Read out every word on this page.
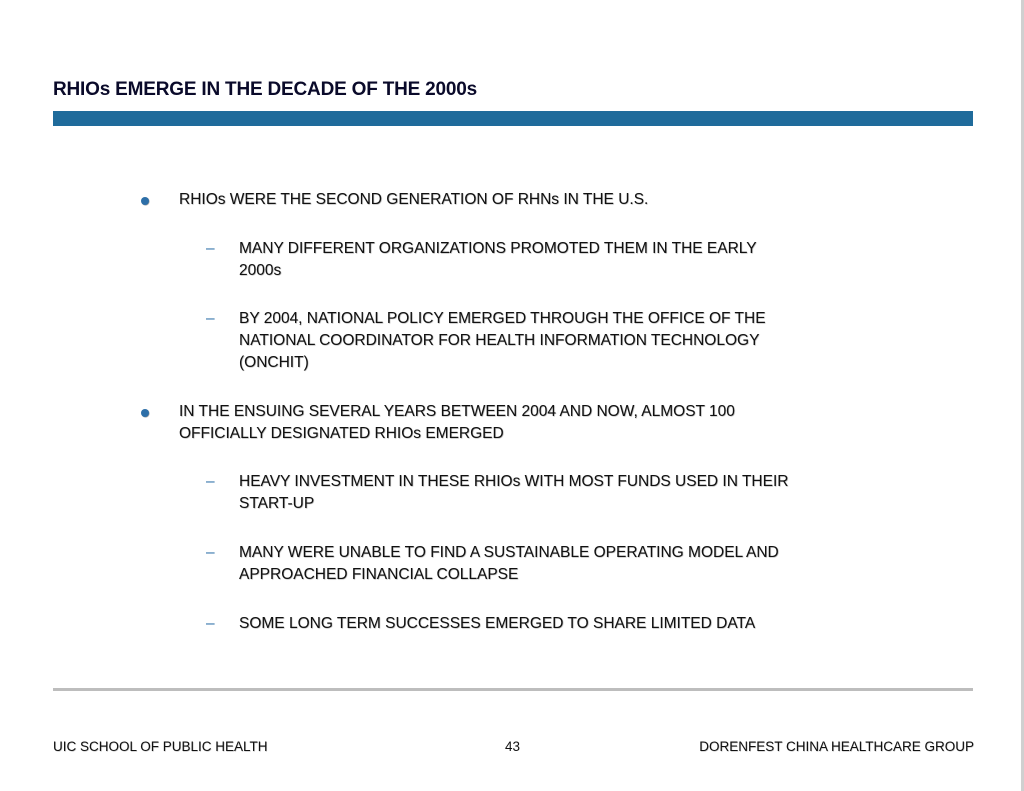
RHIOs EMERGE IN THE DECADE OF THE 2000s
RHIOs WERE THE SECOND GENERATION OF RHNs IN THE U.S.
– MANY DIFFERENT ORGANIZATIONS PROMOTED THEM IN THE EARLY
2000s
– BY 2004, NATIONAL POLICY EMERGED THROUGH THE OFFICE OF THE
NATIONAL COORDINATOR FOR HEALTH INFORMATION TECHNOLOGY
(ONCHIT)
IN THE ENSUING SEVERAL YEARS BETWEEN 2004 AND NOW, ALMOST 100
OFFICIALLY DESIGNATED RHIOs EMERGED
– HEAVY INVESTMENT IN THESE RHIOs WITH MOST FUNDS USED IN THEIR
START-UP
– MANY WERE UNABLE TO FIND A SUSTAINABLE OPERATING MODEL AND
APPROACHED FINANCIAL COLLAPSE
– SOME LONG TERM SUCCESSES EMERGED TO SHARE LIMITED DATA
UIC SCHOOL OF PUBLIC HEALTH	43	DORENFEST CHINA HEALTHCARE GROUP
